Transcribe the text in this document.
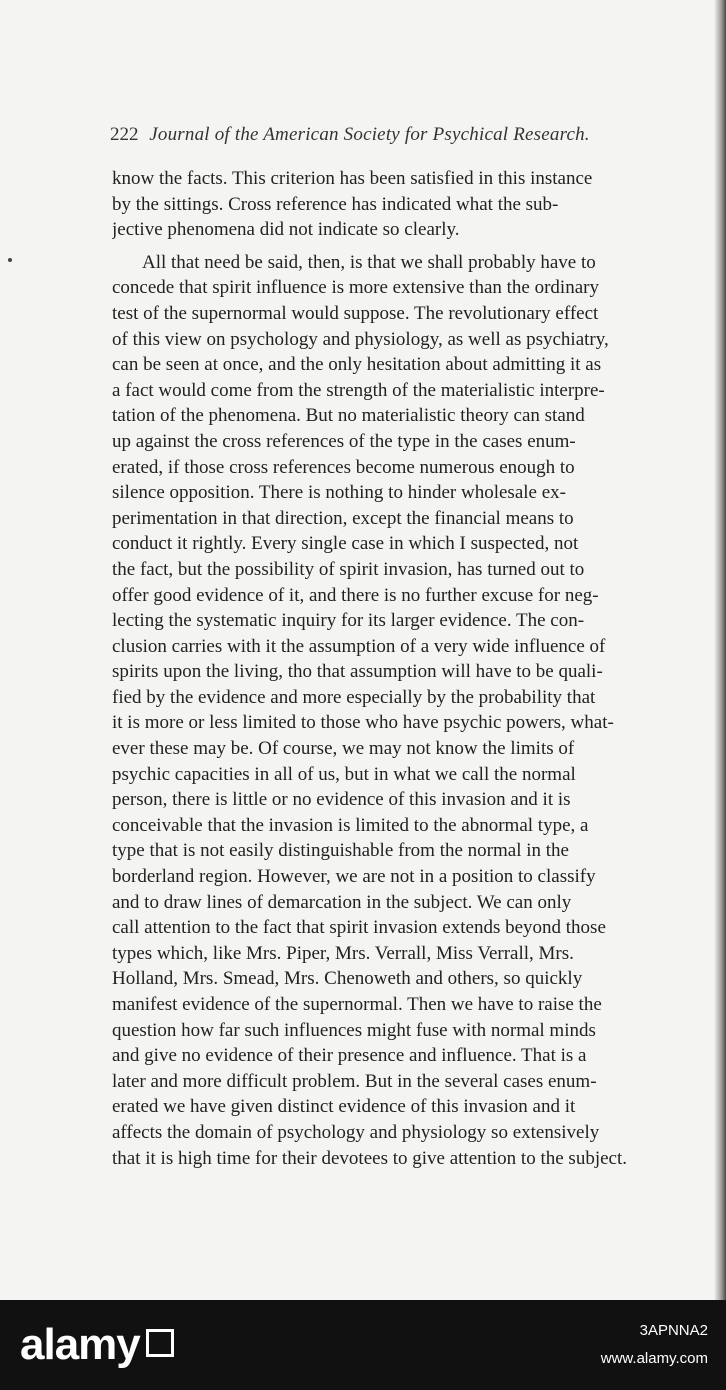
222 Journal of the American Society for Psychical Research.
know the facts. This criterion has been satisfied in this instance
by the sittings. Cross reference has indicated what the sub-
jective phenomena did not indicate so clearly.
All that need be said, then, is that we shall probably have to
concede that spirit influence is more extensive than the ordinary
test of the supernormal would suppose. The revolutionary effect
of this view on psychology and physiology, as well as psychiatry,
can be seen at once, and the only hesitation about admitting it as
a fact would come from the strength of the materialistic interpre-
tation of the phenomena. But no materialistic theory can stand
up against the cross references of the type in the cases enum-
erated, if those cross references become numerous enough to
silence opposition. There is nothing to hinder wholesale ex-
perimentation in that direction, except the financial means to
conduct it rightly. Every single case in which I suspected, not
the fact, but the possibility of spirit invasion, has turned out to
offer good evidence of it, and there is no further excuse for neg-
lecting the systematic inquiry for its larger evidence. The con-
clusion carries with it the assumption of a very wide influence of
spirits upon the living, tho that assumption will have to be quali-
fied by the evidence and more especially by the probability that
it is more or less limited to those who have psychic powers, what-
ever these may be. Of course, we may not know the limits of
psychic capacities in all of us, but in what we call the normal
person, there is little or no evidence of this invasion and it is
conceivable that the invasion is limited to the abnormal type, a
type that is not easily distinguishable from the normal in the
borderland region. However, we are not in a position to classify
and to draw lines of demarcation in the subject. We can only
call attention to the fact that spirit invasion extends beyond those
types which, like Mrs. Piper, Mrs. Verrall, Miss Verrall, Mrs.
Holland, Mrs. Smead, Mrs. Chenoweth and others, so quickly
manifest evidence of the supernormal. Then we have to raise the
question how far such influences might fuse with normal minds
and give no evidence of their presence and influence. That is a
later and more difficult problem. But in the several cases enum-
erated we have given distinct evidence of this invasion and it
affects the domain of psychology and physiology so extensively
that it is high time for their devotees to give attention to the subject.
alamy	3APNNA2
www.alamy.com
